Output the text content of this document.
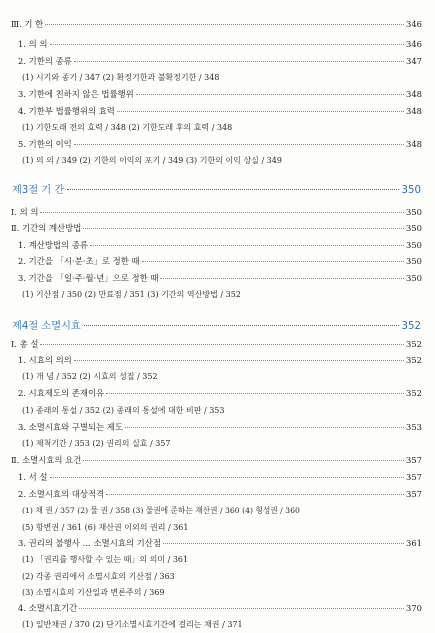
Ⅲ. 기 한	346
1. 의 의	346
2. 기한의 종류	347
(1) 시기와 종기 / 347 (2) 확정기한과 불확정기한 / 348
3. 기한에 친하지 않은 법률행위	348
4. 기한부 법률행위의 효력	348
(1) 기한도래 전의 효력 / 348 (2) 기한도래 후의 효력 / 348
5. 기한의 이익	348
(1) 의 의 / 349 (2) 기한의 이익의 포기 / 349 (3) 기한의 이익 상실 / 349
제3절 기 간	350
Ⅰ. 의 의	350
Ⅱ. 기간의 계산방법	350
1. 계산방법의 종류	350
2. 기간을 「시·분·초」로 정한 때	350
3. 기간을 「일·주·월·년」으로 정한 때	350
(1) 기산점 / 350 (2) 만료점 / 351 (3) 기간의 역산방법 / 352
제4절 소멸시효	352
Ⅰ. 총 설	352
1. 시효의 의의	352
(1) 개 념 / 352 (2) 시효의 성질 / 352
2. 시효제도의 존재이유	352
(1) 종래의 통설 / 352 (2) 종래의 통설에 대한 비판 / 353
3. 소멸시효와 구별되는 제도	353
(1) 제척기간 / 353 (2) 권리의 실효 / 357
Ⅱ. 소멸시효의 요건	357
1. 서 설	357
2. 소멸시효의 대상적격	357
(1) 채 권 / 357 (2) 물 권 / 358 (3) 물권에 준하는 재산권 / 360 (4) 형성권 / 360
(5) 항변권 / 361 (6) 재산권 이외의 권리 / 361
3. 권리의 불행사 … 소멸시효의 기산점	361
(1) 「권리를 행사할 수 있는 때」의 의미 / 361
(2) 각종 권리에서 소멸시효의 기산점 / 363
(3) 소멸시효의 기산일과 변론주의 / 369
4. 소멸시효기간	370
(1) 일반채권 / 370 (2) 단기소멸시효기간에 걸리는 채권 / 371
